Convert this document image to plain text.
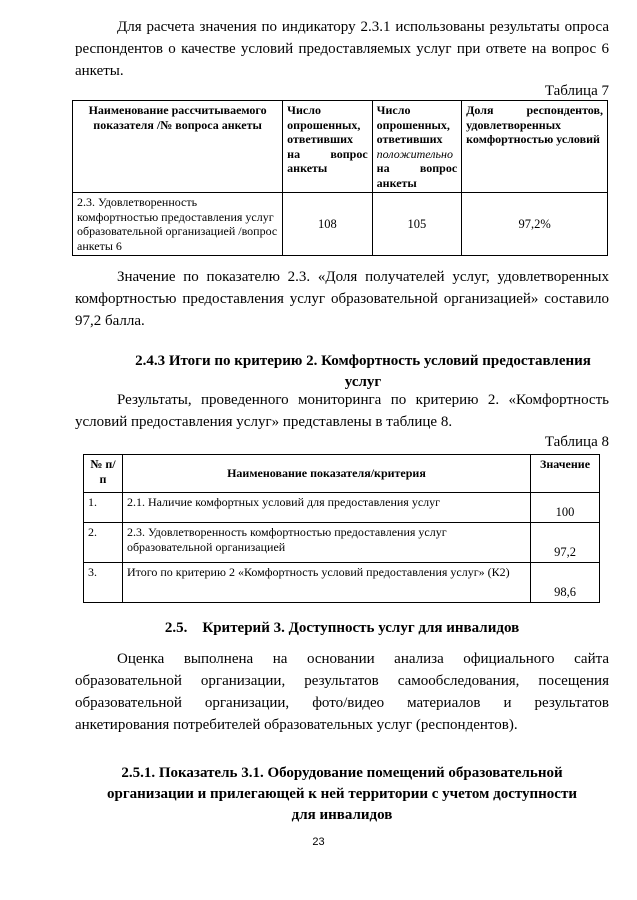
Для расчета значения по индикатору 2.3.1 использованы результаты опроса респондентов о качестве условий предоставляемых услуг при ответе на вопрос 6 анкеты.

Таблица 7

Наименование рассчитываемого показателя /№ вопроса анкеты	Число опрошенных, ответивших на вопрос анкеты	Число опрошенных, ответивших положительно на вопрос анкеты	Доля респондентов, удовлетворенных комфортностью условий
2.3. Удовлетворенность комфортностью предоставления услуг образовательной организацией /вопрос анкеты 6	108	105	97,2%

Значение по показателю 2.3. «Доля получателей услуг, удовлетворенных комфортностью предоставления услуг образовательной организацией» составило 97,2 балла.

2.4.3 Итоги по критерию 2. Комфортность условий предоставления услуг

Результаты, проведенного мониторинга по критерию 2. «Комфортность условий предоставления услуг» представлены в таблице 8.

Таблица 8

№ п/п	Наименование показателя/критерия	Значение
1.	2.1. Наличие комфортных условий для предоставления услуг	100
2.	2.3. Удовлетворенность комфортностью предоставления услуг образовательной организацией	97,2
3.	Итого по критерию 2 «Комфортность условий предоставления услуг» (К2)	98,6

2.5.    Критерий 3. Доступность услуг для инвалидов

Оценка выполнена на основании анализа официального сайта образовательной организации, результатов самообследования, посещения образовательной организации, фото/видео материалов и результатов анкетирования потребителей образовательных услуг (респондентов).

2.5.1. Показатель 3.1. Оборудование помещений образовательной организации и прилегающей к ней территории с учетом доступности для инвалидов

23
